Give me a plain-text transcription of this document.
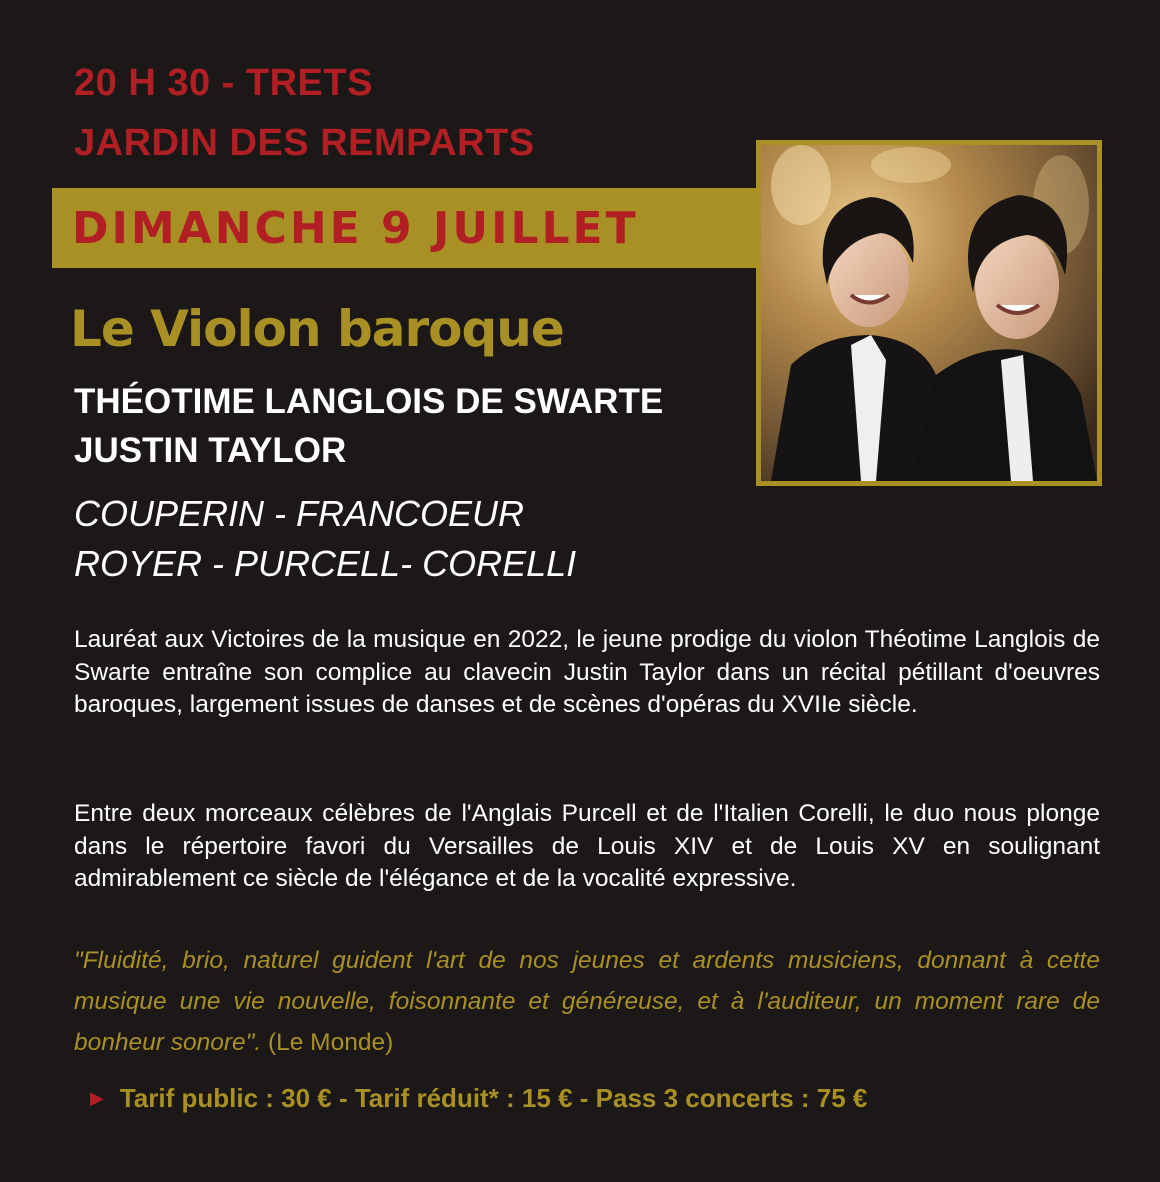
20 H 30 - TRETS
JARDIN DES REMPARTS
DIMANCHE 9 JUILLET
Le Violon baroque
THÉOTIME LANGLOIS DE SWARTE
JUSTIN TAYLOR
COUPERIN - FRANCOEUR
ROYER - PURCELL- CORELLI

Lauréat aux Victoires de la musique en 2022, le jeune prodige du violon Théotime Langlois de Swarte entraîne son complice au clavecin Justin Taylor dans un récital pétillant d'oeuvres baroques, largement issues de danses et de scènes d'opéras du XVIIe siècle.

Entre deux morceaux célèbres de l'Anglais Purcell et de l'Italien Corelli, le duo nous plonge dans le répertoire favori du Versailles de Louis XIV et de Louis XV en soulignant admirablement ce siècle de l'élégance et de la vocalité expressive.

"Fluidité, brio, naturel guident l'art de nos jeunes et ardents musiciens, donnant à cette musique une vie nouvelle, foisonnante et généreuse, et à l'auditeur, un moment rare de bonheur sonore". (Le Monde)

▶ Tarif public : 30 € - Tarif réduit* : 15 € - Pass 3 concerts : 75 €
